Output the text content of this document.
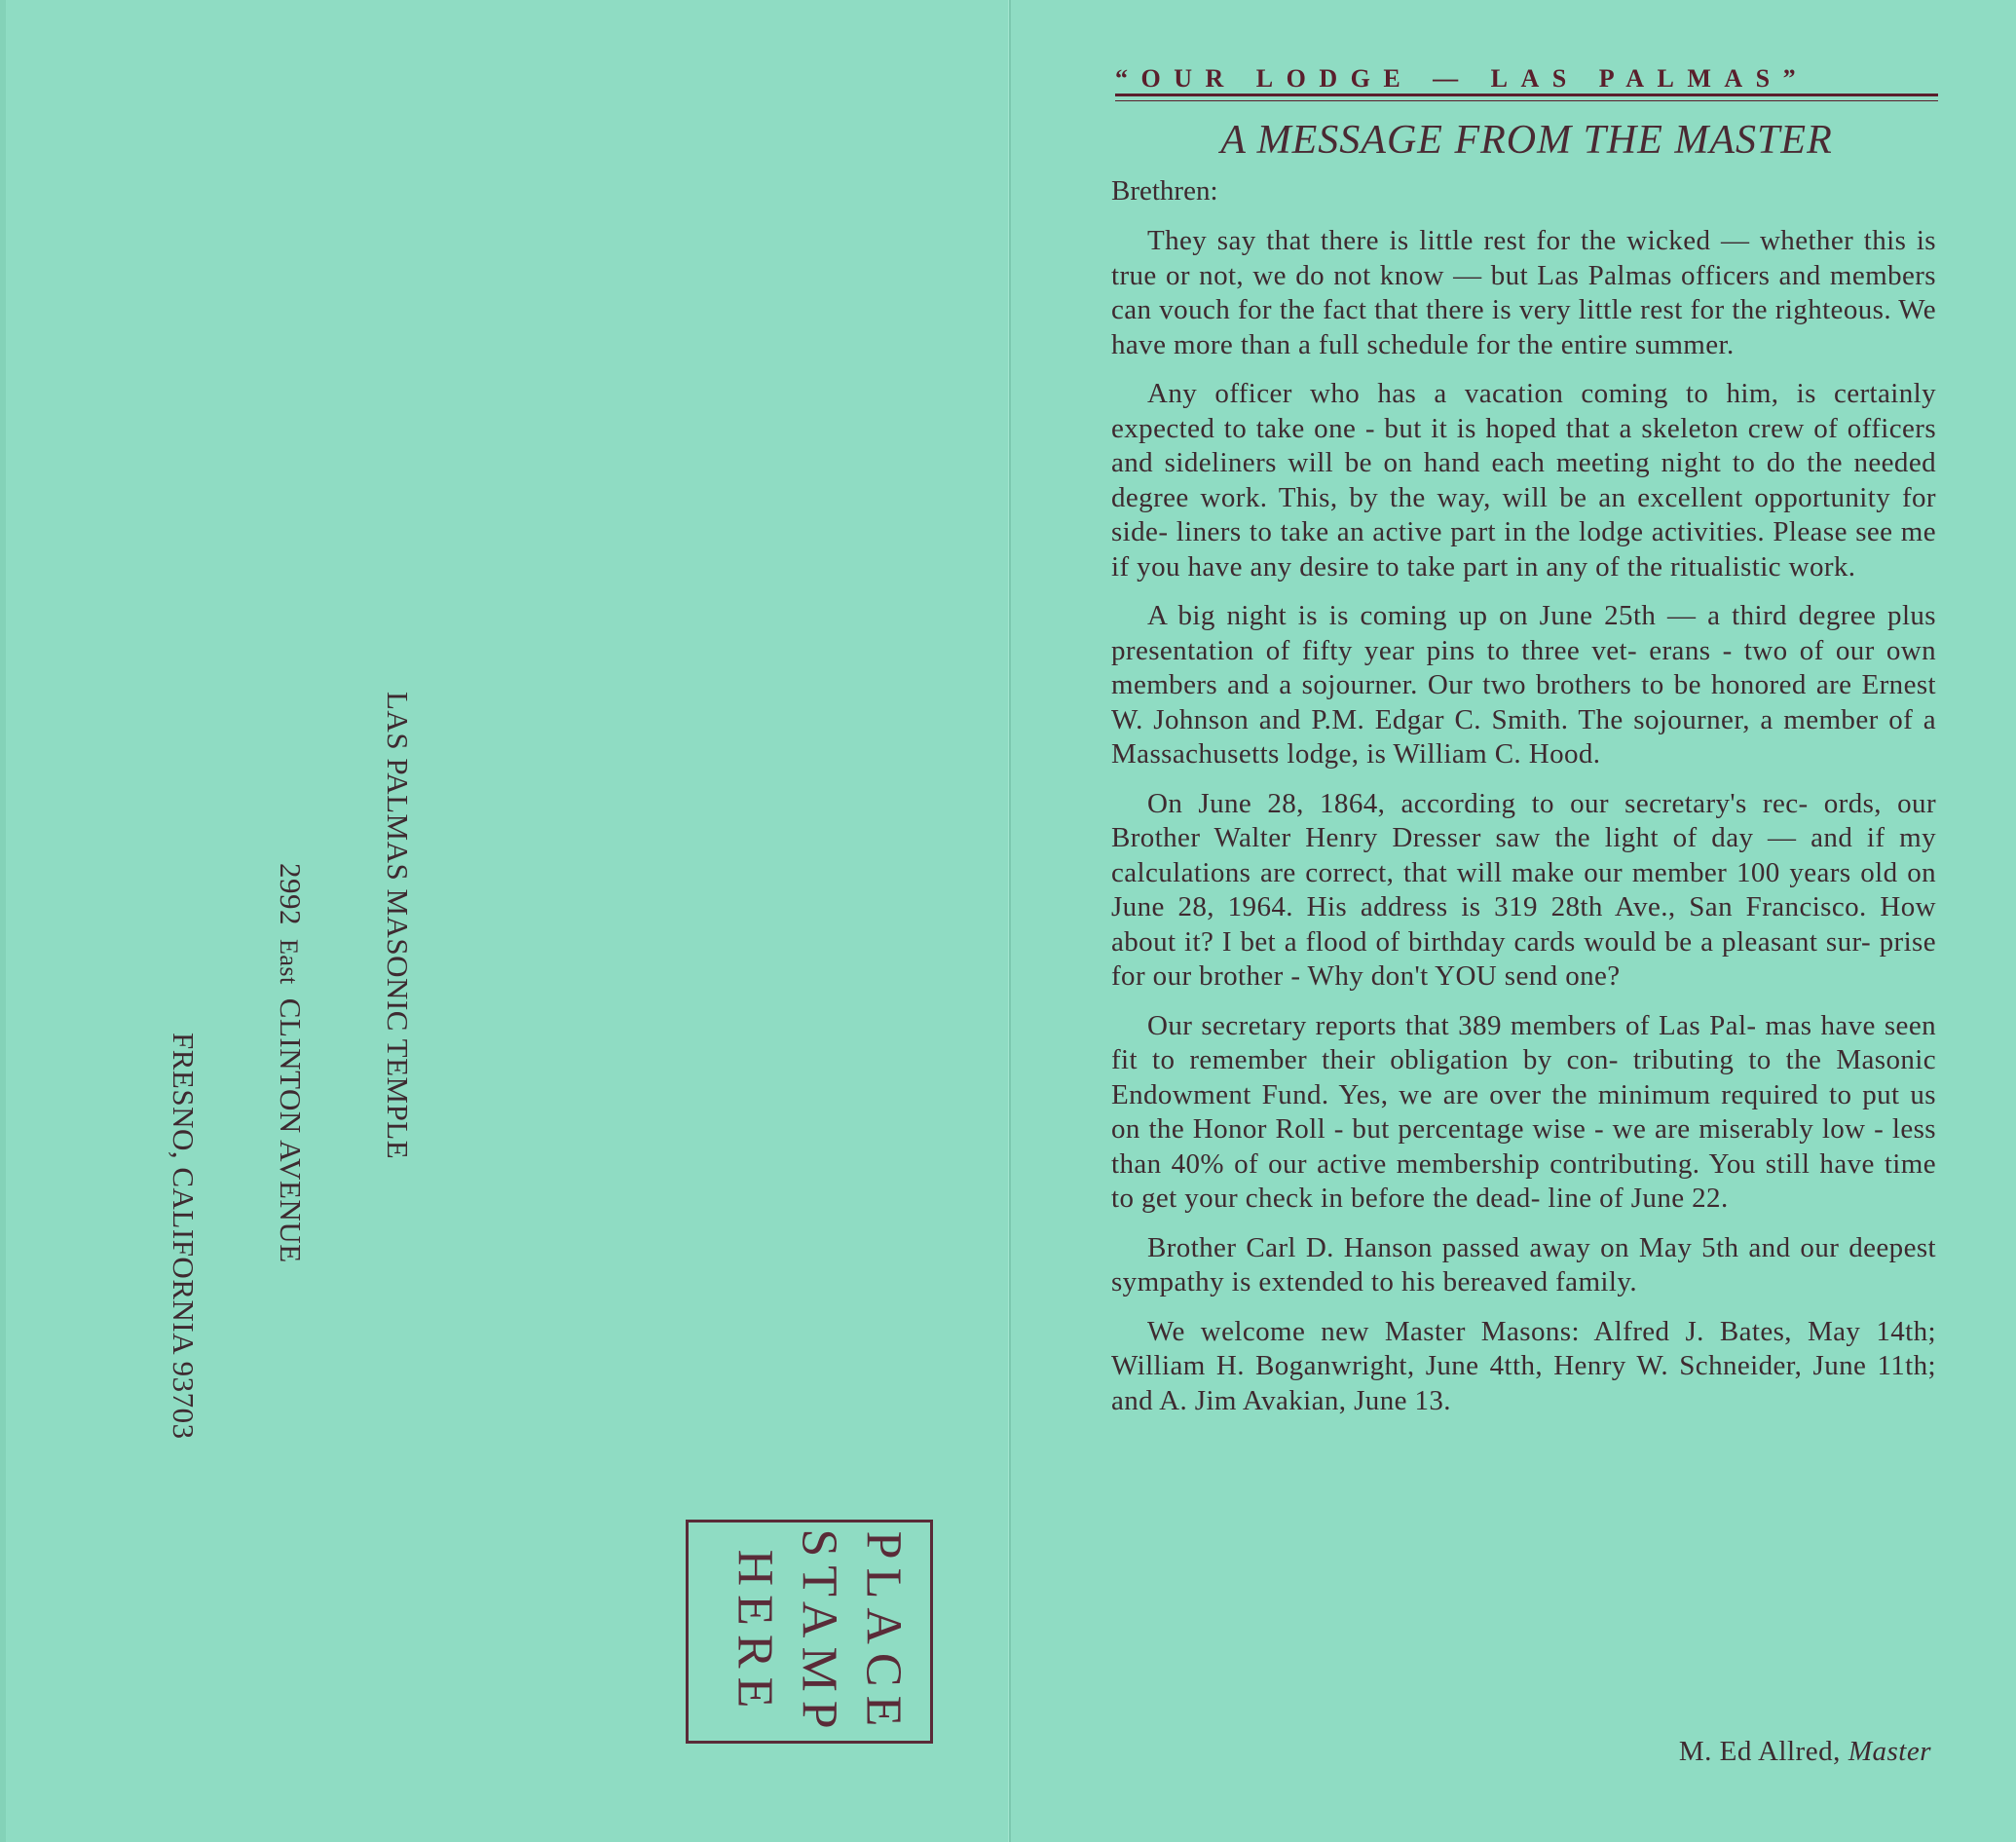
LAS PALMAS MASONIC TEMPLE
2992EastCLINTON AVENUE
FRESNO, CALIFORNIA 93703
PLACE
STAMP
HERE
“OUR LODGE — LAS PALMAS”
A MESSAGE FROM THE MASTER
Brethren:

They say that there is little rest for the wicked — whether this is true or not, we do not know — but Las Palmas officers and members can vouch for the fact that there is very little rest for the righteous. We have more than a full schedule for the entire summer.

Any officer who has a vacation coming to him, is certainly expected to take one - but it is hoped that a skeleton crew of officers and sideliners will be on hand each meeting night to do the needed degree work. This, by the way, will be an excellent opportunity for side- liners to take an active part in the lodge activities. Please see me if you have any desire to take part in any of the ritualistic work.

A big night is is coming up on June 25th — a third degree plus presentation of fifty year pins to three vet- erans - two of our own members and a sojourner. Our two brothers to be honored are Ernest W. Johnson and P.M. Edgar C. Smith. The sojourner, a member of a Massachusetts lodge, is William C. Hood.

On June 28, 1864, according to our secretary's rec- ords, our Brother Walter Henry Dresser saw the light of day — and if my calculations are correct, that will make our member 100 years old on June 28, 1964. His address is 319 28th Ave., San Francisco. How about it? I bet a flood of birthday cards would be a pleasant sur- prise for our brother - Why don't YOU send one?

Our secretary reports that 389 members of Las Pal- mas have seen fit to remember their obligation by con- tributing to the Masonic Endowment Fund. Yes, we are over the minimum required to put us on the Honor Roll - but percentage wise - we are miserably low - less than 40% of our active membership contributing. You still have time to get your check in before the dead- line of June 22.

Brother Carl D. Hanson passed away on May 5th and our deepest sympathy is extended to his bereaved family.

We welcome new Master Masons: Alfred J. Bates, May 14th; William H. Boganwright, June 4tth, Henry W. Schneider, June 11th; and A. Jim Avakian, June 13.

M. Ed Allred, Master
